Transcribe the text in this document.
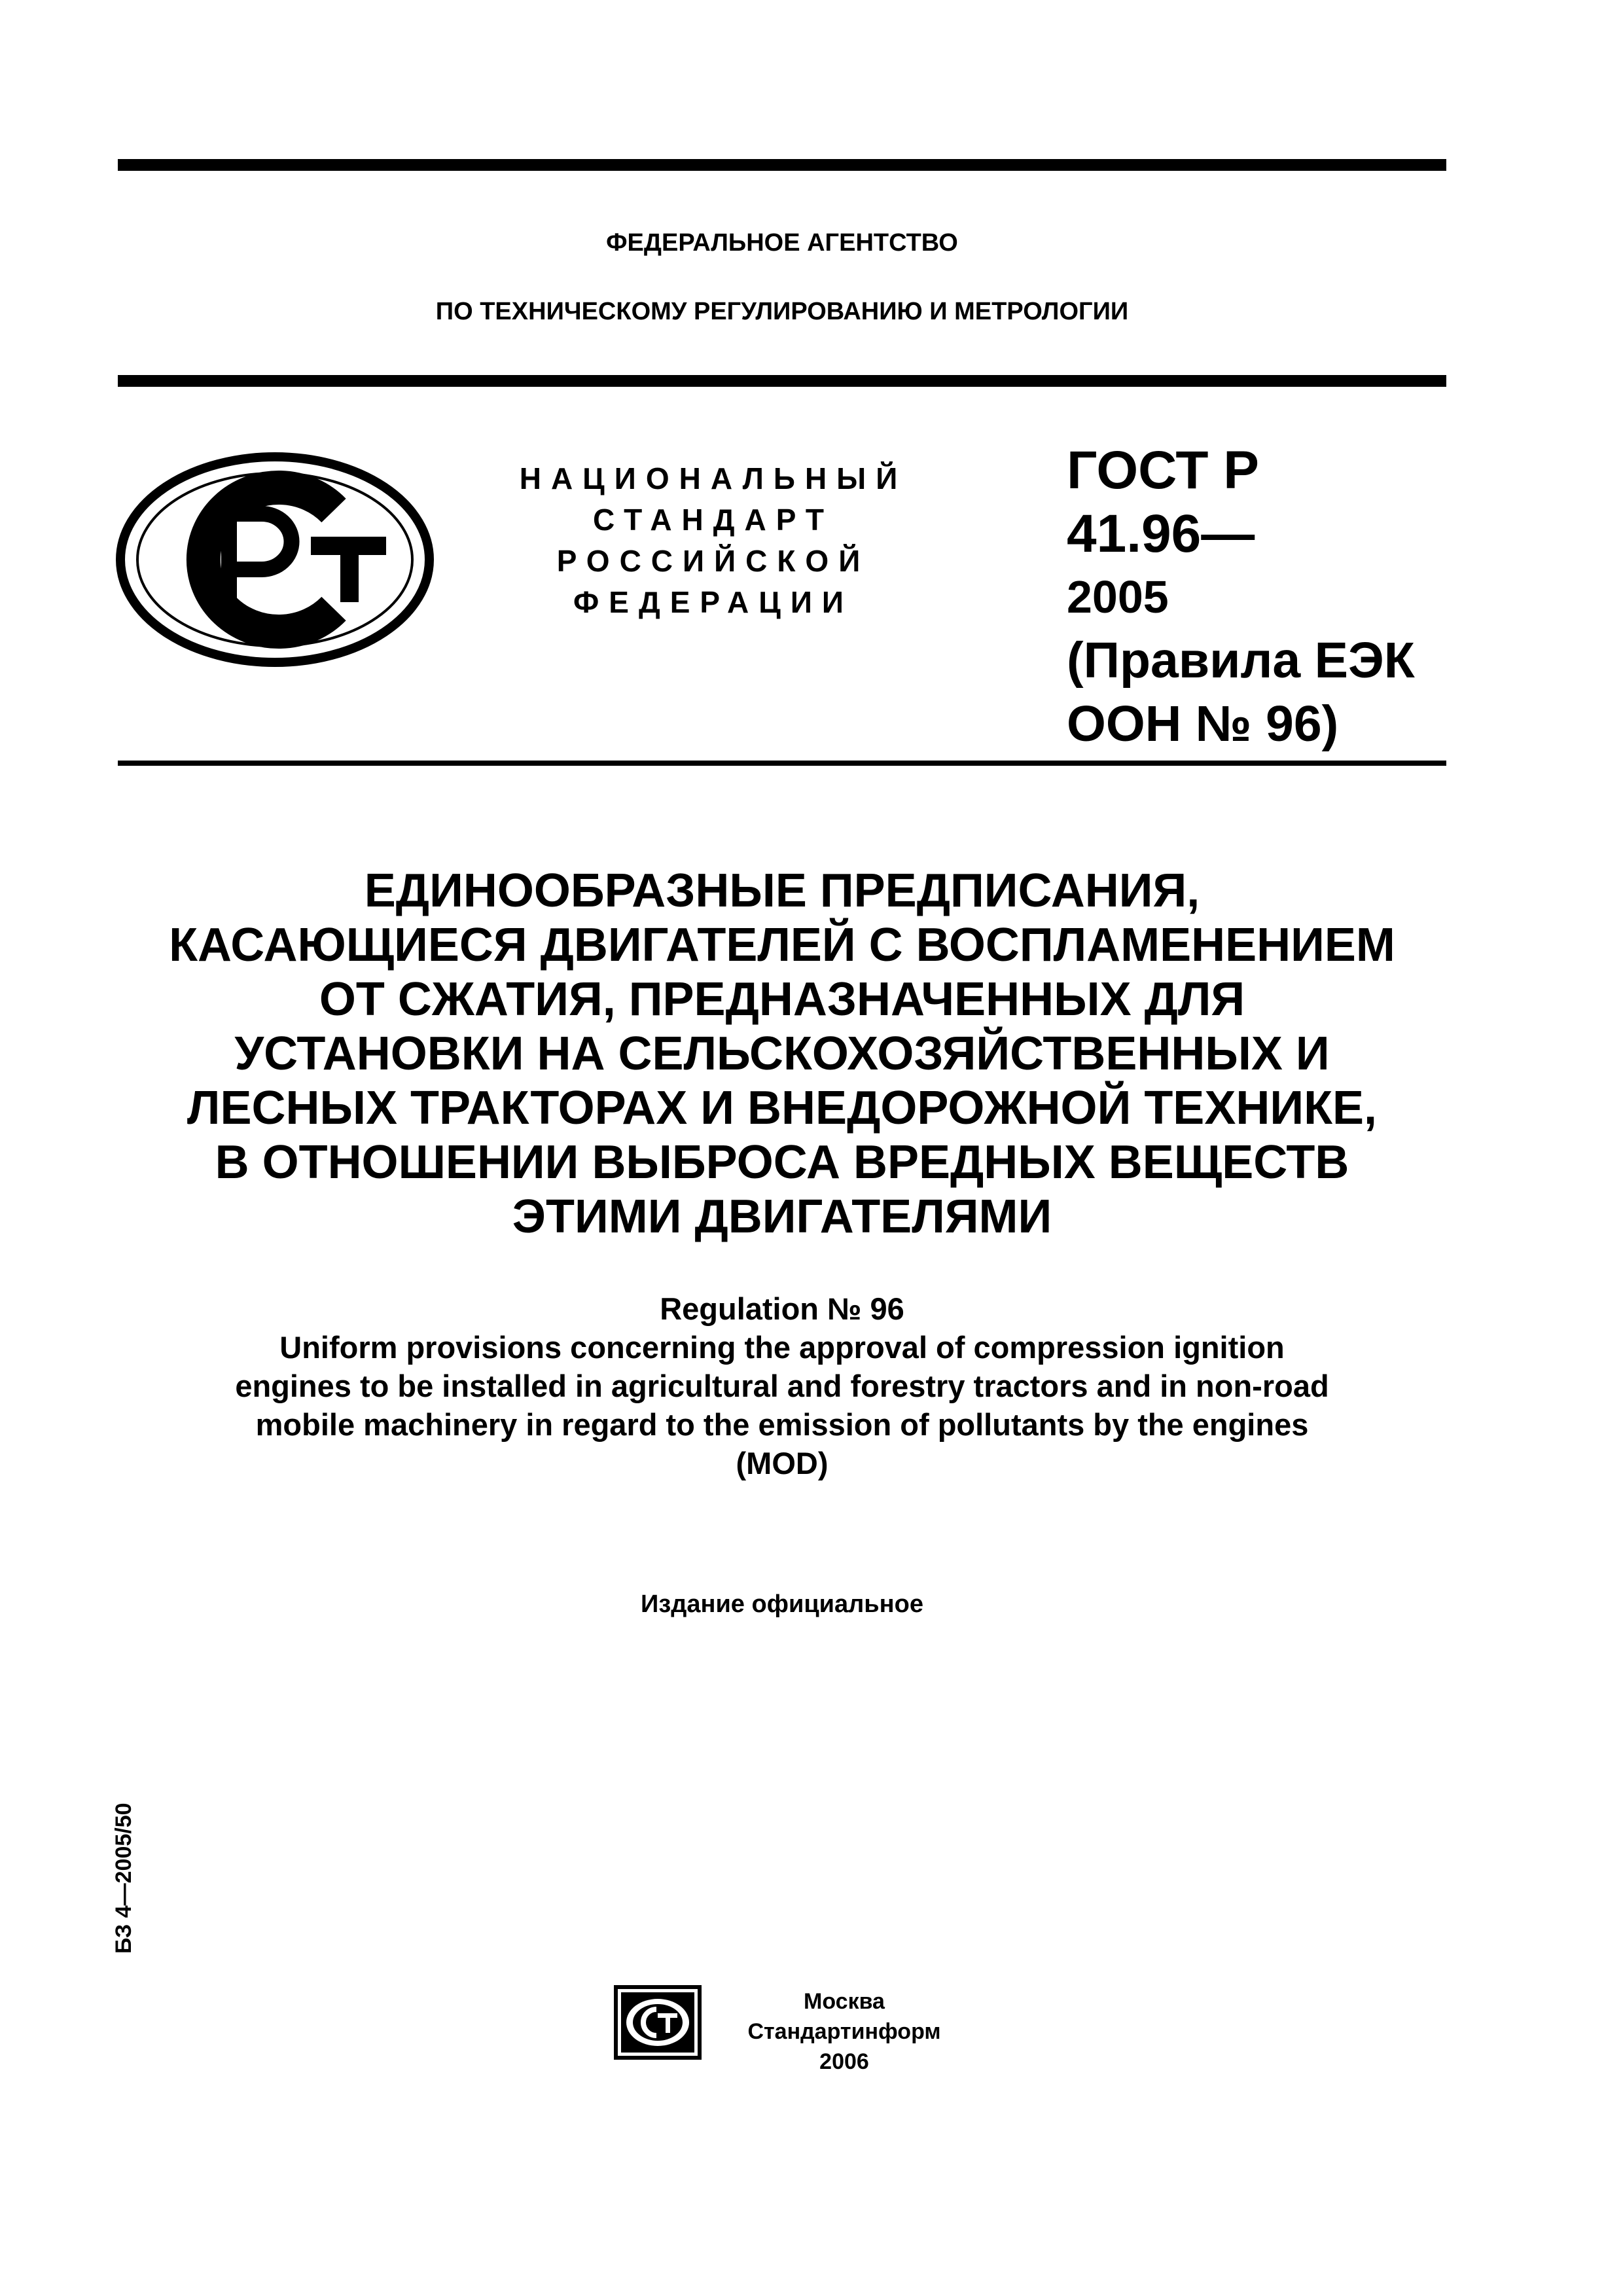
ФЕДЕРАЛЬНОЕ АГЕНТСТВО
ПО ТЕХНИЧЕСКОМУ РЕГУЛИРОВАНИЮ И МЕТРОЛОГИИ
НАЦИОНАЛЬНЫЙ
СТАНДАРТ
РОССИЙСКОЙ
ФЕДЕРАЦИИ
ГОСТ Р
41.96—
2005
(Правила ЕЭК
ООН № 96)
ЕДИНООБРАЗНЫЕ ПРЕДПИСАНИЯ,
КАСАЮЩИЕСЯ ДВИГАТЕЛЕЙ С ВОСПЛАМЕНЕНИЕМ
ОТ СЖАТИЯ, ПРЕДНАЗНАЧЕННЫХ ДЛЯ
УСТАНОВКИ НА СЕЛЬСКОХОЗЯЙСТВЕННЫХ И
ЛЕСНЫХ ТРАКТОРАХ И ВНЕДОРОЖНОЙ ТЕХНИКЕ,
В ОТНОШЕНИИ ВЫБРОСА ВРЕДНЫХ ВЕЩЕСТВ
ЭТИМИ ДВИГАТЕЛЯМИ
Regulation № 96
Uniform provisions concerning the approval of compression ignition
engines to be installed in agricultural and forestry tractors and in non-road
mobile machinery in regard to the emission of pollutants by the engines
(MOD)
Издание официальное
БЗ 4—2005/50
Москва
Стандартинформ
2006
